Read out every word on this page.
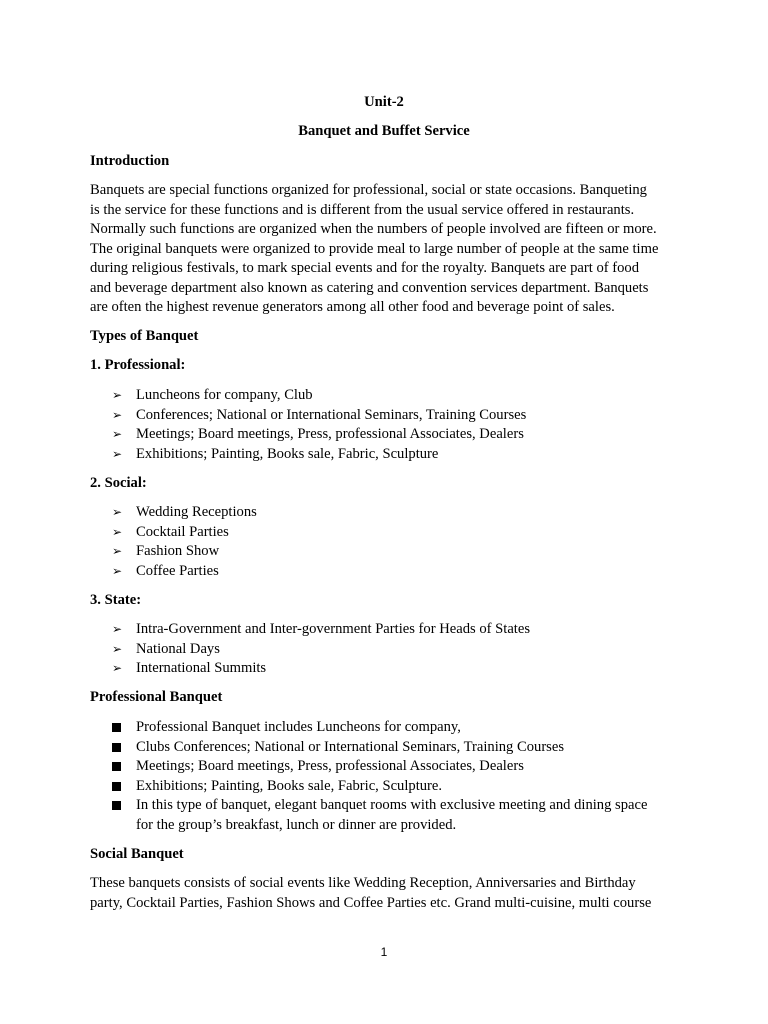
Unit-2
Banquet and Buffet Service
Introduction
Banquets are special functions organized for professional, social or state occasions. Banqueting
is the service for these functions and is different from the usual service offered in restaurants.
Normally such functions are organized when the numbers of people involved are fifteen or more.
The original banquets were organized to provide meal to large number of people at the same time
during religious festivals, to mark special events and for the royalty. Banquets are part of food
and beverage department also known as catering and convention services department. Banquets
are often the highest revenue generators among all other food and beverage point of sales.
Types of Banquet
1. Professional:
➢ Luncheons for company, Club
➢ Conferences; National or International Seminars, Training Courses
➢ Meetings; Board meetings, Press, professional Associates, Dealers
➢ Exhibitions; Painting, Books sale, Fabric, Sculpture
2. Social:
➢ Wedding Receptions
➢ Cocktail Parties
➢ Fashion Show
➢ Coffee Parties
3. State:
➢ Intra-Government and Inter-government Parties for Heads of States
➢ National Days
➢ International Summits
Professional Banquet
Professional Banquet includes Luncheons for company,
Clubs Conferences; National or International Seminars, Training Courses
Meetings; Board meetings, Press, professional Associates, Dealers
Exhibitions; Painting, Books sale, Fabric, Sculpture.
In this type of banquet, elegant banquet rooms with exclusive meeting and dining space
for the group’s breakfast, lunch or dinner are provided.
Social Banquet
These banquets consists of social events like Wedding Reception, Anniversaries and Birthday
party, Cocktail Parties, Fashion Shows and Coffee Parties etc. Grand multi-cuisine, multi course
1
